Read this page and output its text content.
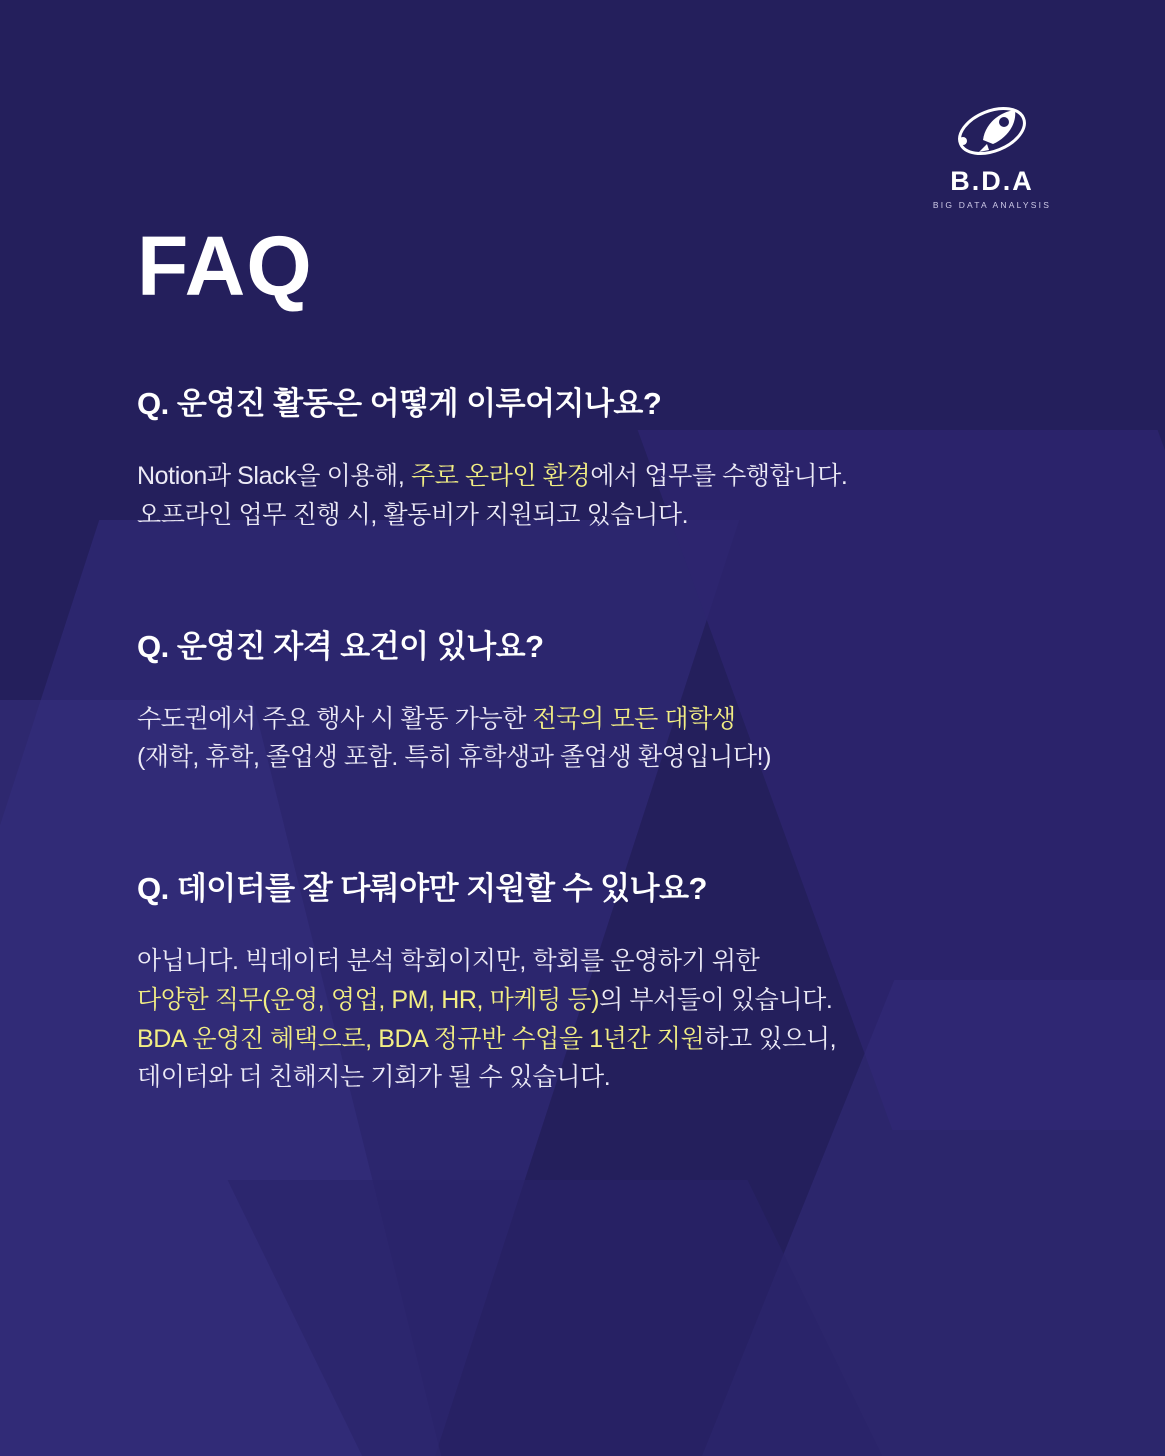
FAQ
B.D.A
BIG DATA ANALYSIS

Q. 운영진 활동은 어떻게 이루어지나요?

Notion과 Slack을 이용해, 주로 온라인 환경에서 업무를 수행합니다.
오프라인 업무 진행 시, 활동비가 지원되고 있습니다.

Q. 운영진 자격 요건이 있나요?

수도권에서 주요 행사 시 활동 가능한 전국의 모든 대학생
(재학, 휴학, 졸업생 포함. 특히 휴학생과 졸업생 환영입니다!)

Q. 데이터를 잘 다뤄야만 지원할 수 있나요?

아닙니다. 빅데이터 분석 학회이지만, 학회를 운영하기 위한
다양한 직무(운영, 영업, PM, HR, 마케팅 등)의 부서들이 있습니다.
BDA 운영진 혜택으로, BDA 정규반 수업을 1년간 지원하고 있으니,
데이터와 더 친해지는 기회가 될 수 있습니다.
